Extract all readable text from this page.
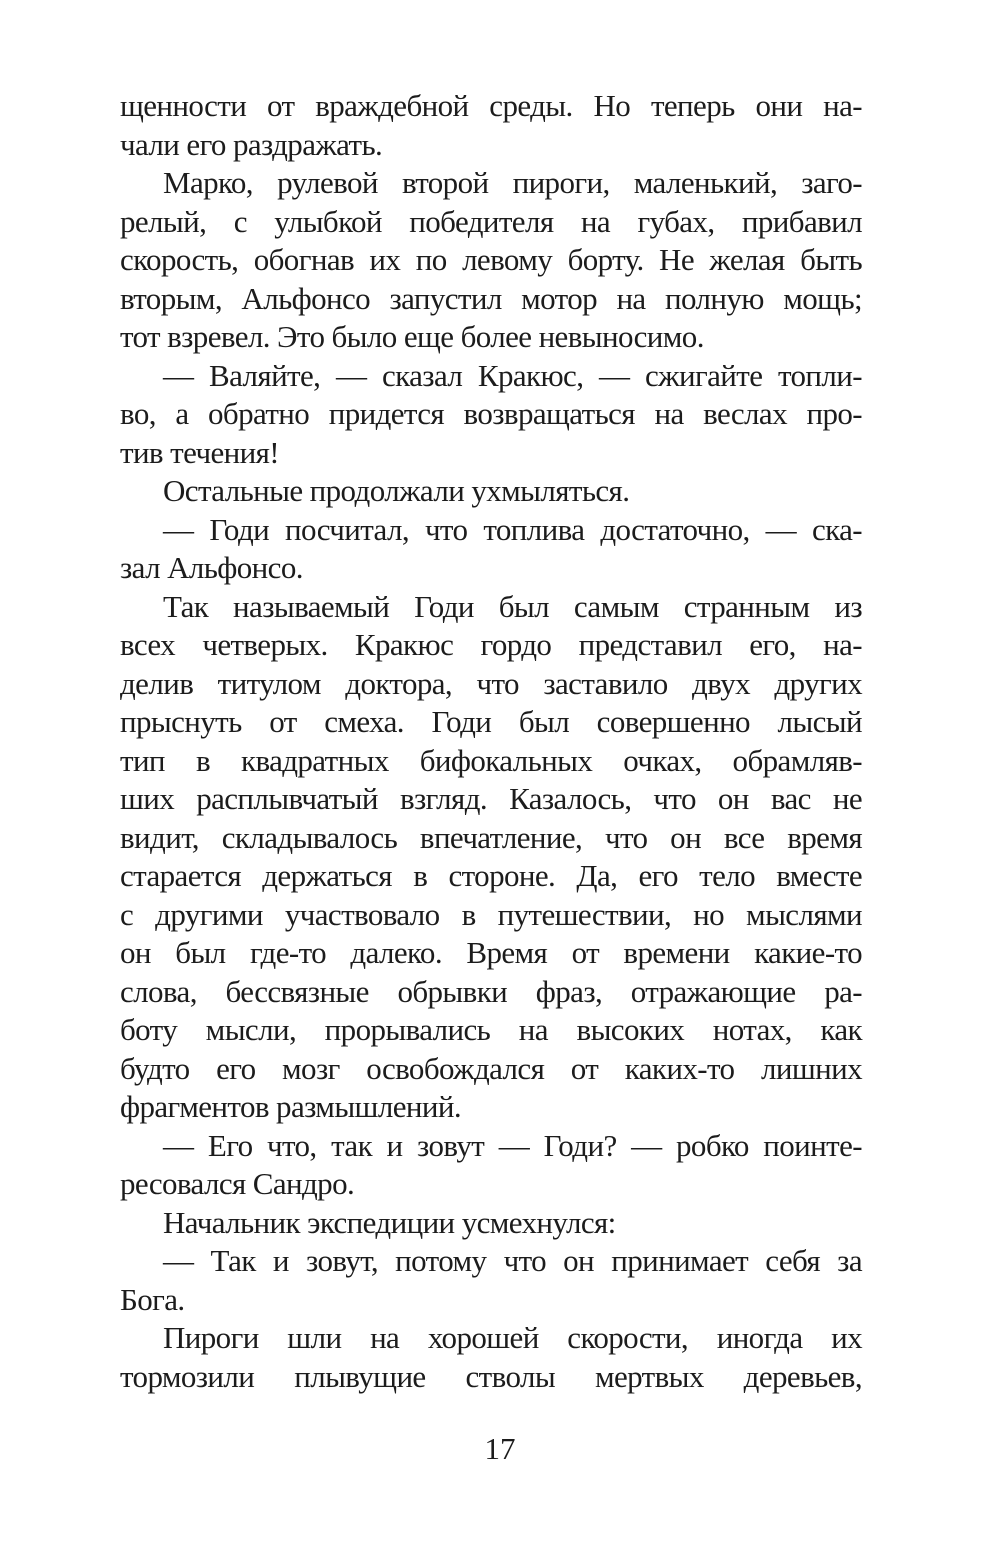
щенности от враждебной среды. Но теперь они на-
чали его раздражать.
Марко, рулевой второй пироги, маленький, заго-
релый, с улыбкой победителя на губах, прибавил
скорость, обогнав их по левому борту. Не желая быть
вторым, Альфонсо запустил мотор на полную мощь;
тот взревел. Это было еще более невыносимо.
— Валяйте, — сказал Кракюс, — сжигайте топли-
во, а обратно придется возвращаться на веслах про-
тив течения!
Остальные продолжали ухмыляться.
— Годи посчитал, что топлива достаточно, — ска-
зал Альфонсо.
Так называемый Годи был самым странным из
всех четверых. Кракюс гордо представил его, на-
делив титулом доктора, что заставило двух других
прыснуть от смеха. Годи был совершенно лысый
тип в квадратных бифокальных очках, обрамляв-
ших расплывчатый взгляд. Казалось, что он вас не
видит, складывалось впечатление, что он все время
старается держаться в стороне. Да, его тело вместе
с другими участвовало в путешествии, но мыслями
он был где-то далеко. Время от времени какие-то
слова, бессвязные обрывки фраз, отражающие ра-
боту мысли, прорывались на высоких нотах, как
будто его мозг освобождался от каких-то лишних
фрагментов размышлений.
— Его что, так и зовут — Годи? — робко поинте-
ресовался Сандро.
Начальник экспедиции усмехнулся:
— Так и зовут, потому что он принимает себя за
Бога.
Пироги шли на хорошей скорости, иногда их
тормозили плывущие стволы мертвых деревьев,
17
